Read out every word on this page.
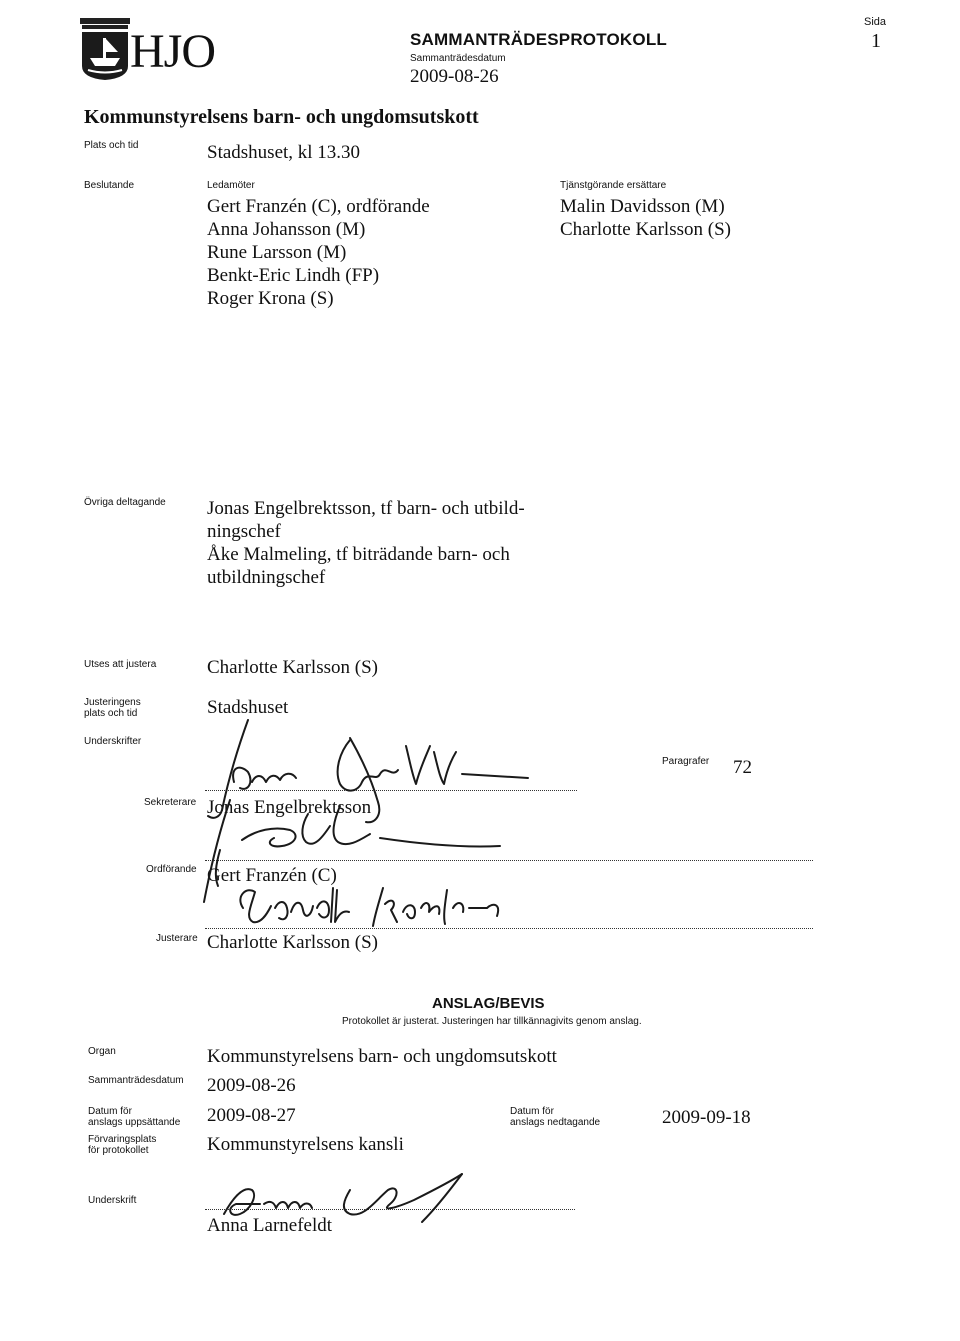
HJO	SAMMANTRÄDESPROTOKOLL
Sammanträdesdatum
2009-08-26
Sida
1
Kommunstyrelsens barn- och ungdomsutskott
Plats och tid	Stadshuset, kl 13.30
Beslutande	Ledamöter
Gert Franzén (C), ordförande
Anna Johansson (M)
Rune Larsson (M)
Benkt-Eric Lindh (FP)
Roger Krona (S)
Tjänstgörande ersättare
Malin Davidsson (M)
Charlotte Karlsson (S)
Övriga deltagande Jonas Engelbrektsson, tf barn- och utbild-
ningschef
Åke Malmeling, tf biträdande barn- och
utbildningschef
Utses att justera	Charlotte Karlsson (S)
Justeringens
plats och tid	Stadshuset
Underskrifter
Paragrafer 72
Sekreterare Jonas Engelbrektsson
Ordförande Gert Franzén (C)
Justerare Charlotte Karlsson (S)
ANSLAG/BEVIS
Protokollet är justerat. Justeringen har tillkännagivits genom anslag.
Organ	Kommunstyrelsens barn- och ungdomsutskott
Sammanträdesdatum 2009-08-26
Datum för
anslags uppsättande 2009-08-27	Datum för
anslags nedtagande	2009-09-18
Förvaringsplats
för protokollet	Kommunstyrelsens kansli
Underskrift
Anna Larnefeldt
